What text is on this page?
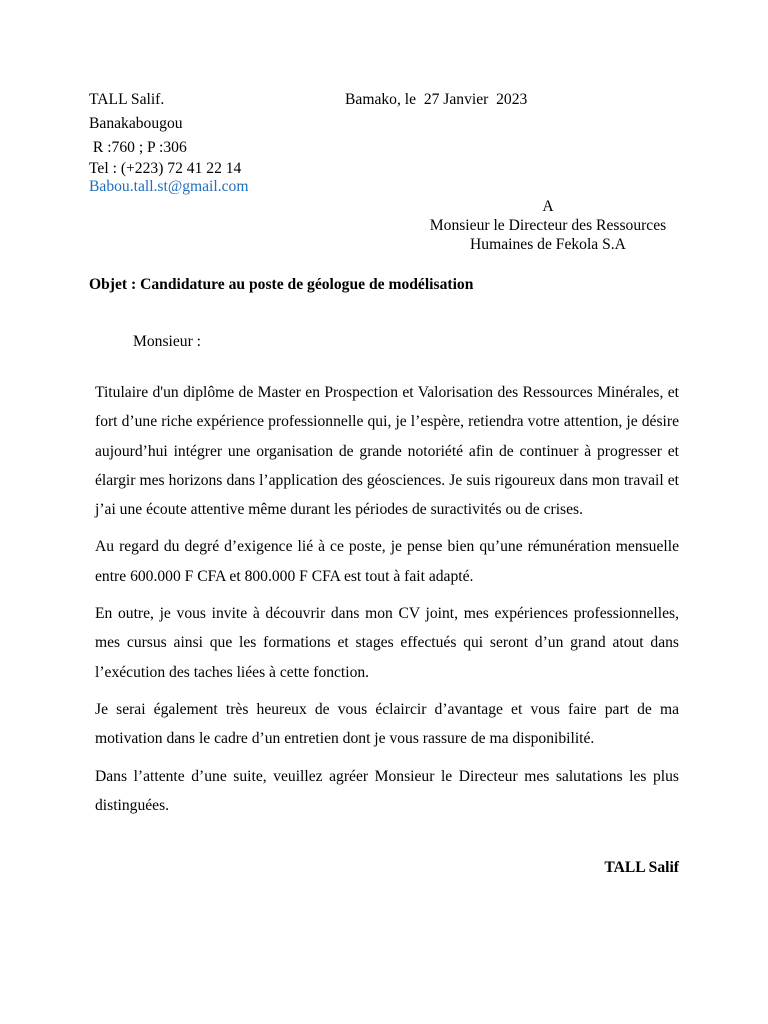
TALL Salif.
Banakabougou
R :760 ; P :306
Tel : (+223) 72 41 22 14
Babou.tall.st@gmail.com
Bamako, le  27 Janvier  2023
A
Monsieur le Directeur des Ressources
Humaines de Fekola S.A
Objet : Candidature au poste de géologue de modélisation
Monsieur :

Titulaire d'un diplôme de Master en Prospection et Valorisation des Ressources Minérales, et fort d’une riche expérience professionnelle qui, je l’espère, retiendra votre attention, je désire aujourd’hui intégrer une organisation de grande notoriété afin de continuer à progresser et élargir mes horizons dans l’application des géosciences. Je suis rigoureux dans mon travail et j’ai une écoute attentive même durant les périodes de suractivités ou de crises.

Au regard du degré d’exigence lié à ce poste, je pense bien qu’une rémunération mensuelle entre 600.000 F CFA et 800.000 F CFA est tout à fait adapté.

En outre, je vous invite à découvrir dans mon CV joint, mes expériences professionnelles, mes cursus ainsi que les formations et stages effectués qui seront d’un grand atout dans l’exécution des taches liées à cette fonction.

Je serai également très heureux de vous éclaircir d’avantage et vous faire part de ma motivation dans le cadre d’un entretien dont je vous rassure de ma disponibilité.

Dans l’attente d’une suite, veuillez agréer Monsieur le Directeur mes salutations les plus distinguées.

TALL Salif
